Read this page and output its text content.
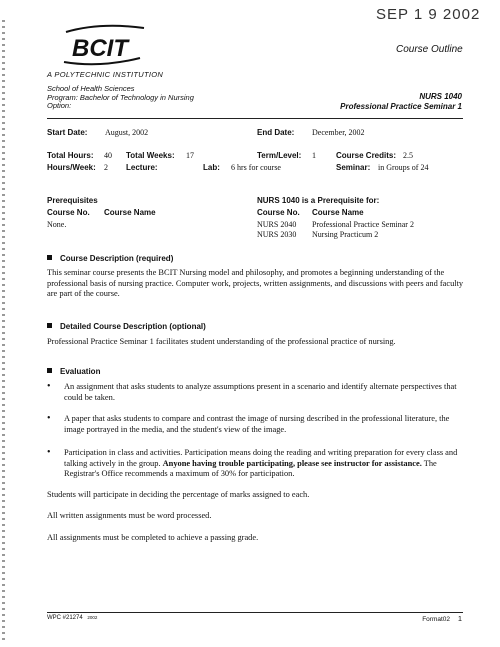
SEP 1 9 2002
Course Outline
BCIT
A POLYTECHNIC INSTITUTION
School of Health Sciences
Program: Bachelor of Technology in Nursing
Option:
NURS 1040
Professional Practice Seminar 1
Start Date: August, 2002	End Date: December, 2002
Total Hours: 40 Total Weeks: 17	Term/Level: 1	Course Credits: 2.5
Hours/Week: 2 Lecture:	Lab: 6 hrs for course	Seminar: in Groups of 24
Prerequisites
Course No. Course Name
None.
NURS 1040 is a Prerequisite for:
Course No. Course Name
NURS 2040 Professional Practice Seminar 2
NURS 2030 Nursing Practicum 2
Course Description (required)
This seminar course presents the BCIT Nursing model and philosophy, and promotes a beginning understanding of the professional basis of nursing practice. Computer work, projects, written assignments, and discussions with peers and faculty are part of the course.
Detailed Course Description (optional)
Professional Practice Seminar 1 facilitates student understanding of the professional practice of nursing.
Evaluation
• An assignment that asks students to analyze assumptions present in a scenario and identify alternate perspectives that could be taken.
• A paper that asks students to compare and contrast the image of nursing described in the professional literature, the image portrayed in the media, and the student's view of the image.
• Participation in class and activities. Participation means doing the reading and writing preparation for every class and talking actively in the group. Anyone having trouble participating, please see instructor for assistance. The Registrar's Office recommends a maximum of 30% for participation.
Students will participate in deciding the percentage of marks assigned to each.
All written assignments must be word processed.
All assignments must be completed to achieve a passing grade.
WPC #21274 2002	Format02 1
